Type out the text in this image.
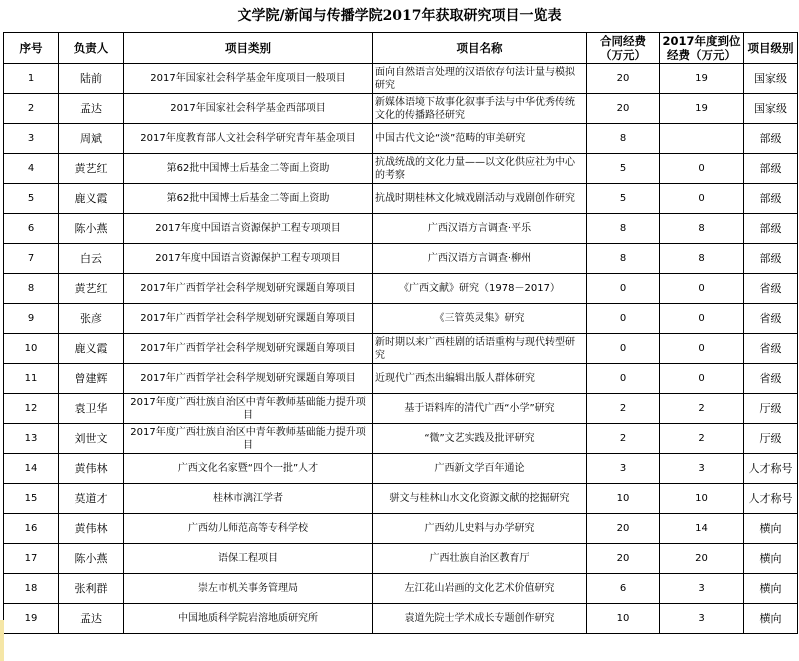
文学院/新闻与传播学院2017年获取研究项目一览表
序号	负责人	项目类别	项目名称	合同经费（万元）	2017年度到位经费（万元）	项目级别
1	陆前	2017年国家社会科学基金年度项目一般项目	面向自然语言处理的汉语依存句法计量与模拟研究	20	19	国家级
2	孟达	2017年国家社会科学基金西部项目	新媒体语境下故事化叙事手法与中华优秀传统文化的传播路径研究	20	19	国家级
3	周斌	2017年度教育部人文社会科学研究青年基金项目	中国古代文论“淡”范畴的审美研究	8		部级
4	黄艺红	第62批中国博士后基金二等面上资助	抗战统战的文化力量——以文化供应社为中心的考察	5	0	部级
5	鹿义霞	第62批中国博士后基金二等面上资助	抗战时期桂林文化城戏剧活动与戏剧创作研究	5	0	部级
6	陈小燕	2017年度中国语言资源保护工程专项项目	广西汉语方言调查·平乐	8	8	部级
7	白云	2017年度中国语言资源保护工程专项项目	广西汉语方言调查·柳州	8	8	部级
8	黄艺红	2017年广西哲学社会科学规划研究课题自筹项目	《广西文献》研究（1978－2017）	0	0	省级
9	张彦	2017年广西哲学社会科学规划研究课题自筹项目	《三管英灵集》研究	0	0	省级
10	鹿义霞	2017年广西哲学社会科学规划研究课题自筹项目	新时期以来广西桂剧的话语重构与现代转型研究	0	0	省级
11	曾建辉	2017年广西哲学社会科学规划研究课题自筹项目	近现代广西杰出编辑出版人群体研究	0	0	省级
12	袁卫华	2017年度广西壮族自治区中青年教师基础能力提升项目	基于语料库的清代广西“小学”研究	2	2	厅级
13	刘世文	2017年度广西壮族自治区中青年教师基础能力提升项目	“微”文艺实践及批评研究	2	2	厅级
14	黄伟林	广西文化名家暨“四个一批”人才	广西新文学百年通论	3	3	人才称号
15	莫道才	桂林市漓江学者	骈文与桂林山水文化资源文献的挖掘研究	10	10	人才称号
16	黄伟林	广西幼儿师范高等专科学校	广西幼儿史料与办学研究	20	14	横向
17	陈小燕	语保工程项目	广西壮族自治区教育厅	20	20	横向
18	张利群	崇左市机关事务管理局	左江花山岩画的文化艺术价值研究	6	3	横向
19	孟达	中国地质科学院岩溶地质研究所	袁道先院士学术成长专题创作研究	10	3	横向
